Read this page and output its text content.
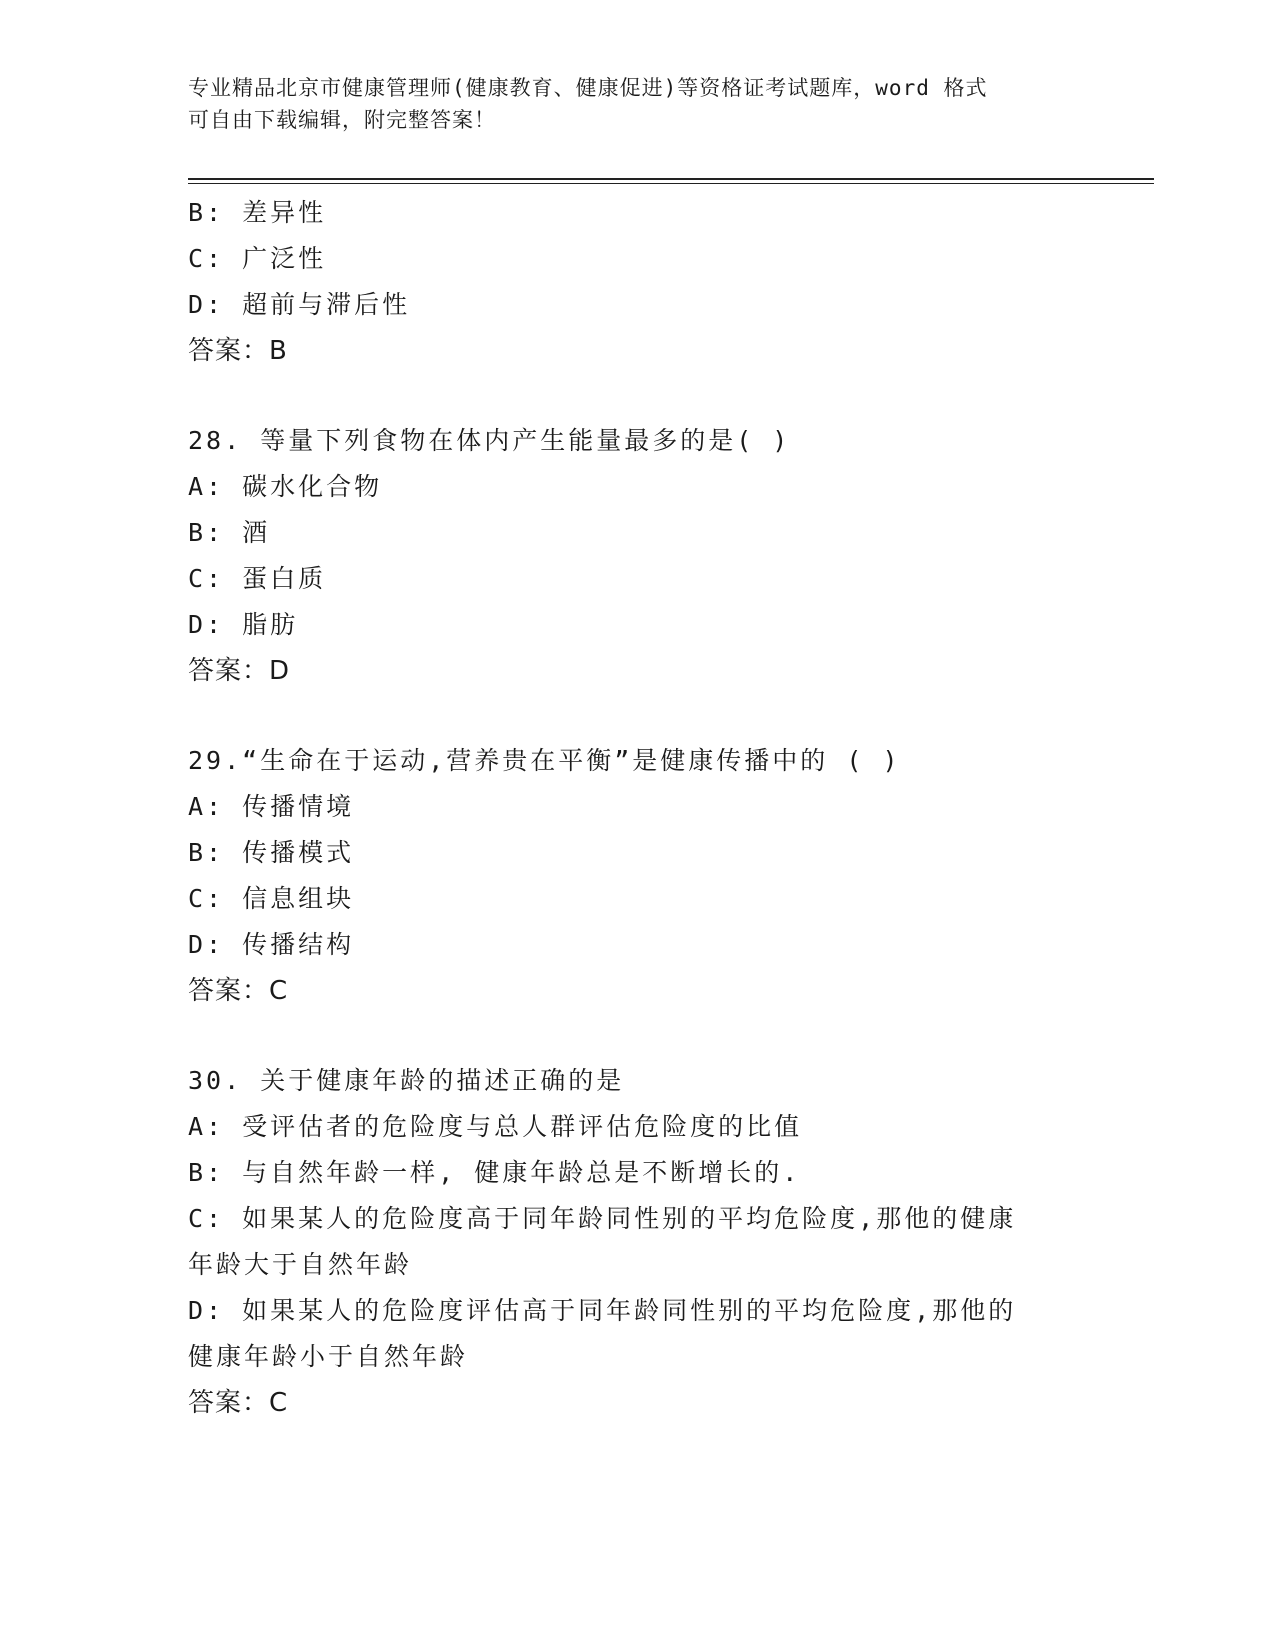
专业精品北京市健康管理师(健康教育、健康促进)等资格证考试题库，word 格式
可自由下载编辑，附完整答案！
B: 差异性
C: 广泛性
D: 超前与滞后性
答案：B
28. 等量下列食物在体内产生能量最多的是( )
A: 碳水化合物
B: 酒
C: 蛋白质
D: 脂肪
答案：D
29.“生命在于运动,营养贵在平衡”是健康传播中的 ( )
A: 传播情境
B: 传播模式
C: 信息组块
D: 传播结构
答案：C
30. 关于健康年龄的描述正确的是
A: 受评估者的危险度与总人群评估危险度的比值
B: 与自然年龄一样, 健康年龄总是不断增长的.
C: 如果某人的危险度高于同年龄同性别的平均危险度,那他的健康年龄大于自然年龄
D: 如果某人的危险度评估高于同年龄同性别的平均危险度,那他的健康年龄小于自然年龄
答案：C
